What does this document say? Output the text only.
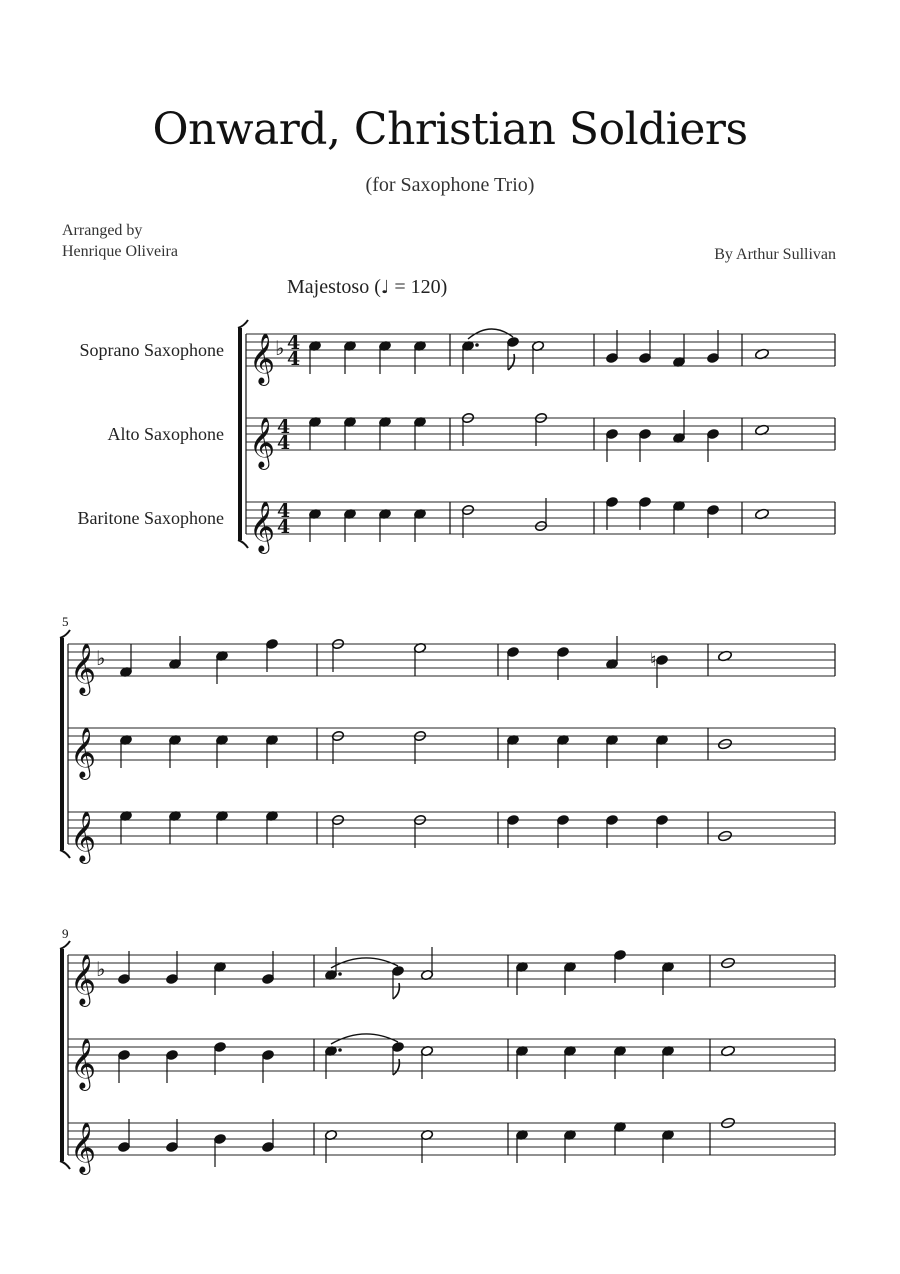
Onward, Christian Soldiers
(for Saxophone Trio)
Arranged by
Henrique Oliveira	By Arthur Sullivan
Majestoso (♩ = 120)
Soprano Saxophone
Alto Saxophone
Baritone Saxophone
5
9
𝄞 ♭ 4
4
𝄞 4
4
𝄞 4
4
𝄞 ♭	♮
𝄞
𝄞
𝄞 ♭
𝄞
𝄞
